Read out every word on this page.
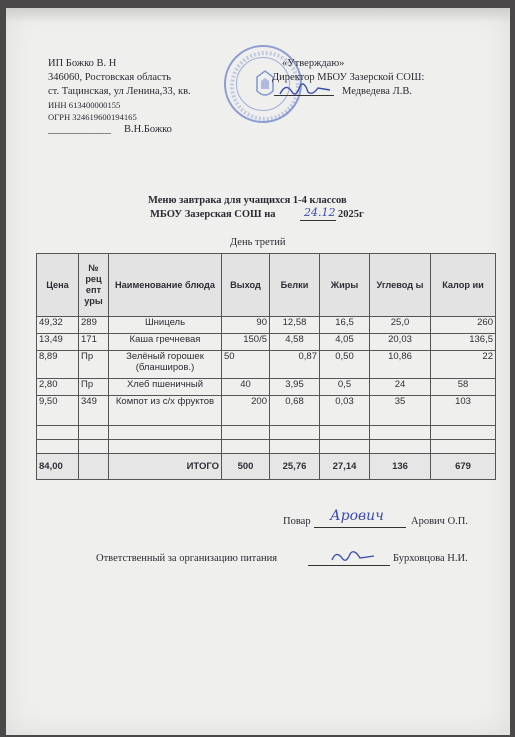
ИП Божко В. Н
346060, Ростовская область
ст. Тацинская, ул Ленина,33, кв.
ИНН 613400000155
ОГРН 324619600194165
____________ В.Н.Божко
«Утверждаю»
Директор МБОУ Зазерской СОШ:
Медведева Л.В.
Меню завтрака для учащихся 1-4 классов
МБОУ Зазерская СОШ на	24.12 2025г
День третий
Цена	№ рец епт уры	Наименование блюда	Выход	Белки	Жиры	Углевод ы	Калор ии
49,32	289	Шницель	90	12,58	16,5	25,0	260
13,49	171	Каша гречневая	150/5	4,58	4,05	20,03	136,5
8,89	Пр	Зелёный горошек (бланширов.)	50	0,87	0,50	10,86	22
2,80	Пр	Хлеб пшеничный	40	3,95	0,5	24	58
9,50	349	Компот из с/х фруктов	200	0,68	0,03	35	103

84,00		ИТОГО	500	25,76	27,14	136	679
Повар Арович	Арович О.П.
Ответственный за организацию питания	Бурховцова Н.И.
